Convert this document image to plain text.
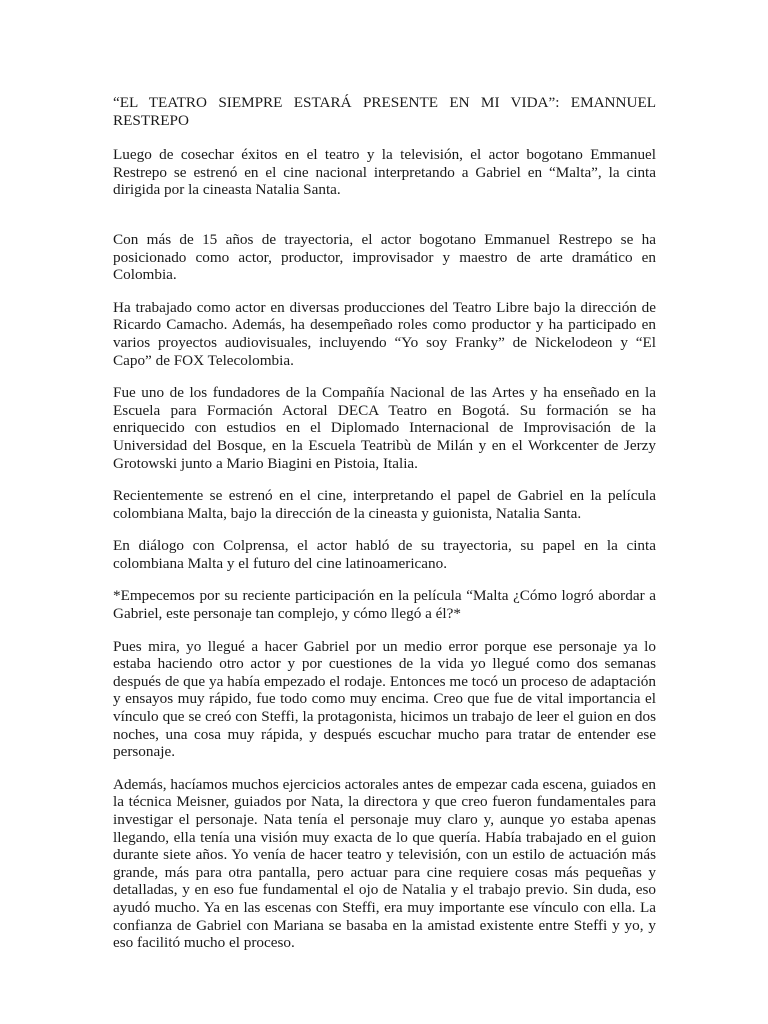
“EL TEATRO SIEMPRE ESTARÁ PRESENTE EN MI VIDA”: EMANNUEL RESTREPO

Luego de cosechar éxitos en el teatro y la televisión, el actor bogotano Emmanuel Restrepo se estrenó en el cine nacional interpretando a Gabriel en “Malta”, la cinta dirigida por la cineasta Natalia Santa.

Con más de 15 años de trayectoria, el actor bogotano Emmanuel Restrepo se ha posicionado como actor, productor, improvisador y maestro de arte dramático en Colombia.

Ha trabajado como actor en diversas producciones del Teatro Libre bajo la dirección de Ricardo Camacho. Además, ha desempeñado roles como productor y ha participado en varios proyectos audiovisuales, incluyendo “Yo soy Franky” de Nickelodeon y “El Capo” de FOX Telecolombia.

Fue uno de los fundadores de la Compañía Nacional de las Artes y ha enseñado en la Escuela para Formación Actoral DECA Teatro en Bogotá. Su formación se ha enriquecido con estudios en el Diplomado Internacional de Improvisación de la Universidad del Bosque, en la Escuela Teatribù de Milán y en el Workcenter de Jerzy Grotowski junto a Mario Biagini en Pistoia, Italia.

Recientemente se estrenó en el cine, interpretando el papel de Gabriel en la película colombiana Malta, bajo la dirección de la cineasta y guionista, Natalia Santa.

En diálogo con Colprensa, el actor habló de su trayectoria, su papel en la cinta colombiana Malta y el futuro del cine latinoamericano.

*Empecemos por su reciente participación en la película “Malta ¿Cómo logró abordar a Gabriel, este personaje tan complejo, y cómo llegó a él?*

Pues mira, yo llegué a hacer Gabriel por un medio error porque ese personaje ya lo estaba haciendo otro actor y por cuestiones de la vida yo llegué como dos semanas después de que ya había empezado el rodaje. Entonces me tocó un proceso de adaptación y ensayos muy rápido, fue todo como muy encima. Creo que fue de vital importancia el vínculo que se creó con Steffi, la protagonista, hicimos un trabajo de leer el guion en dos noches, una cosa muy rápida, y después escuchar mucho para tratar de entender ese personaje.

Además, hacíamos muchos ejercicios actorales antes de empezar cada escena, guiados en la técnica Meisner, guiados por Nata, la directora y que creo fueron fundamentales para investigar el personaje. Nata tenía el personaje muy claro y, aunque yo estaba apenas llegando, ella tenía una visión muy exacta de lo que quería. Había trabajado en el guion durante siete años. Yo venía de hacer teatro y televisión, con un estilo de actuación más grande, más para otra pantalla, pero actuar para cine requiere cosas más pequeñas y detalladas, y en eso fue fundamental el ojo de Natalia y el trabajo previo. Sin duda, eso ayudó mucho. Ya en las escenas con Steffi, era muy importante ese vínculo con ella. La confianza de Gabriel con Mariana se basaba en la amistad existente entre Steffi y yo, y eso facilitó mucho el proceso.
